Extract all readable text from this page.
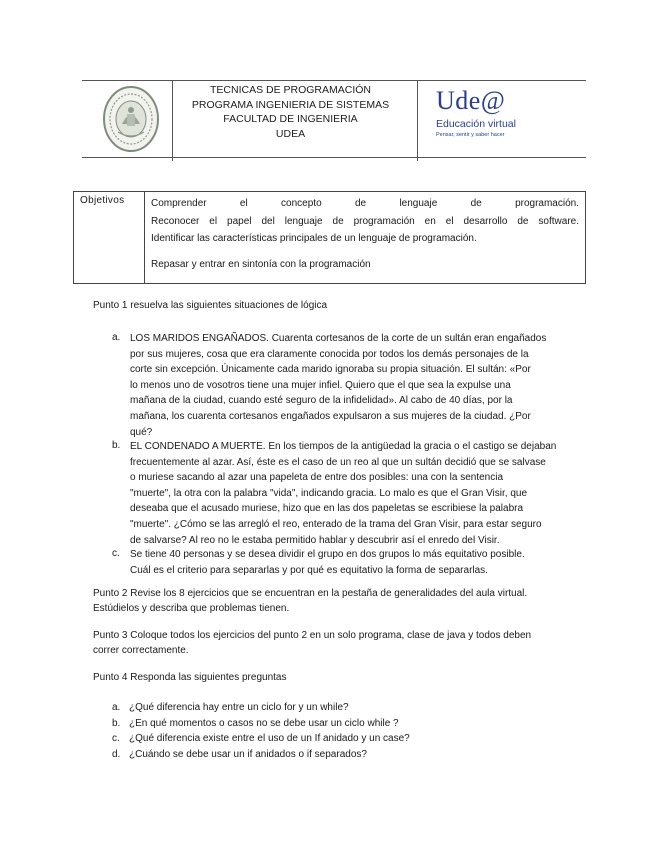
TECNICAS DE PROGRAMACIÓN
PROGRAMA INGENIERIA DE SISTEMAS
FACULTAD DE INGENIERIA
UDEA
Ude@
Educación virtual
Pensar, sentir y saber hacer
Objetivos	Comprender el concepto de lenguaje de programación.
Reconocer el papel del lenguaje de programación en el desarrollo de software.
Identificar las características principales de un lenguaje de programación.
Repasar y entrar en sintonía con la programación
Punto 1 resuelva las siguientes situaciones de lógica
a. LOS MARIDOS ENGAÑADOS. Cuarenta cortesanos de la corte de un sultán eran engañados
por sus mujeres, cosa que era claramente conocida por todos los demás personajes de la
corte sin excepción. Únicamente cada marido ignoraba su propia situación. El sultán: «Por
lo menos uno de vosotros tiene una mujer infiel. Quiero que el que sea la expulse una
mañana de la ciudad, cuando esté seguro de la infidelidad». Al cabo de 40 días, por la
mañana, los cuarenta cortesanos engañados expulsaron a sus mujeres de la ciudad. ¿Por
qué?
b. EL CONDENADO A MUERTE. En los tiempos de la antigüedad la gracia o el castigo se dejaban
frecuentemente al azar. Así, éste es el caso de un reo al que un sultán decidió que se salvase
o muriese sacando al azar una papeleta de entre dos posibles: una con la sentencia
"muerte", la otra con la palabra "vida", indicando gracia. Lo malo es que el Gran Visir, que
deseaba que el acusado muriese, hizo que en las dos papeletas se escribiese la palabra
"muerte". ¿Cómo se las arregló el reo, enterado de la trama del Gran Visir, para estar seguro
de salvarse? Al reo no le estaba permitido hablar y descubrir así el enredo del Visir.
c. Se tiene 40 personas y se desea dividir el grupo en dos grupos lo más equitativo posible.
Cuál es el criterio para separarlas y por qué es equitativo la forma de separarlas.
Punto 2 Revise los 8 ejercicios que se encuentran en la pestaña de generalidades del aula virtual.
Estúdielos y describa que problemas tienen.
Punto 3 Coloque todos los ejercicios del punto 2 en un solo programa, clase de java y todos deben
correr correctamente.
Punto 4 Responda las siguientes preguntas
a. ¿Qué diferencia hay entre un ciclo for y un while?
b. ¿En qué momentos o casos no se debe usar un ciclo while ?
c. ¿Qué diferencia existe entre el uso de un If anidado y un case?
d. ¿Cuándo se debe usar un if anidados o if separados?
